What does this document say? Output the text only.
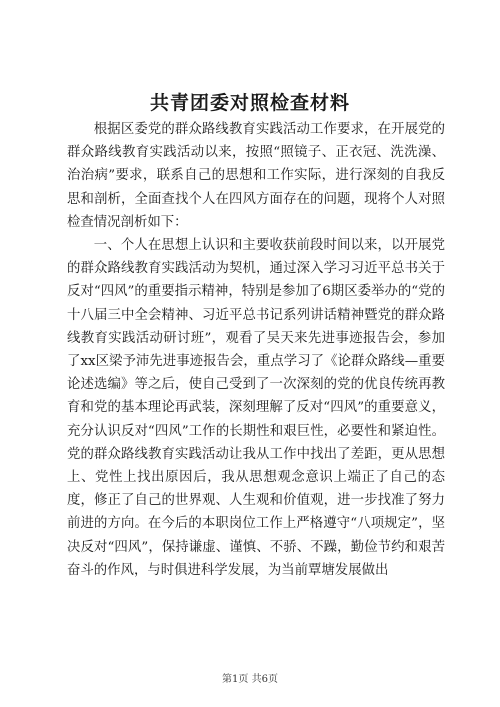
共青团委对照检查材料

根据区委党的群众路线教育实践活动工作要求，在开展党的群众路线教育实践活动以来，按照“照镜子、正衣冠、洗洗澡、治治病”要求，联系自己的思想和工作实际，进行深刻的自我反思和剖析，全面查找个人在四风方面存在的问题，现将个人对照检查情况剖析如下：

一、个人在思想上认识和主要收获前段时间以来，以开展党的群众路线教育实践活动为契机，通过深入学习习近平总书关于反对“四风”的重要指示精神，特别是参加了6期区委举办的“党的十八届三中全会精神、习近平总书记系列讲话精神暨党的群众路线教育实践活动研讨班”，观看了吴天来先进事迹报告会，参加了xx区梁予沛先进事迹报告会，重点学习了《论群众路线—重要论述选编》等之后，使自己受到了一次深刻的党的优良传统再教育和党的基本理论再武装，深刻理解了反对“四风”的重要意义，充分认识反对“四风”工作的长期性和艰巨性，必要性和紧迫性。党的群众路线教育实践活动让我从工作中找出了差距，更从思想上、党性上找出原因后，我从思想观念意识上端正了自己的态度，修正了自己的世界观、人生观和价值观，进一步找准了努力前进的方向。在今后的本职岗位工作上严格遵守“八项规定”，坚决反对“四风”，保持谦虚、谨慎、不骄、不躁，勤俭节约和艰苦奋斗的作风，与时俱进科学发展，为当前覃塘发展做出

第1页 共6页
